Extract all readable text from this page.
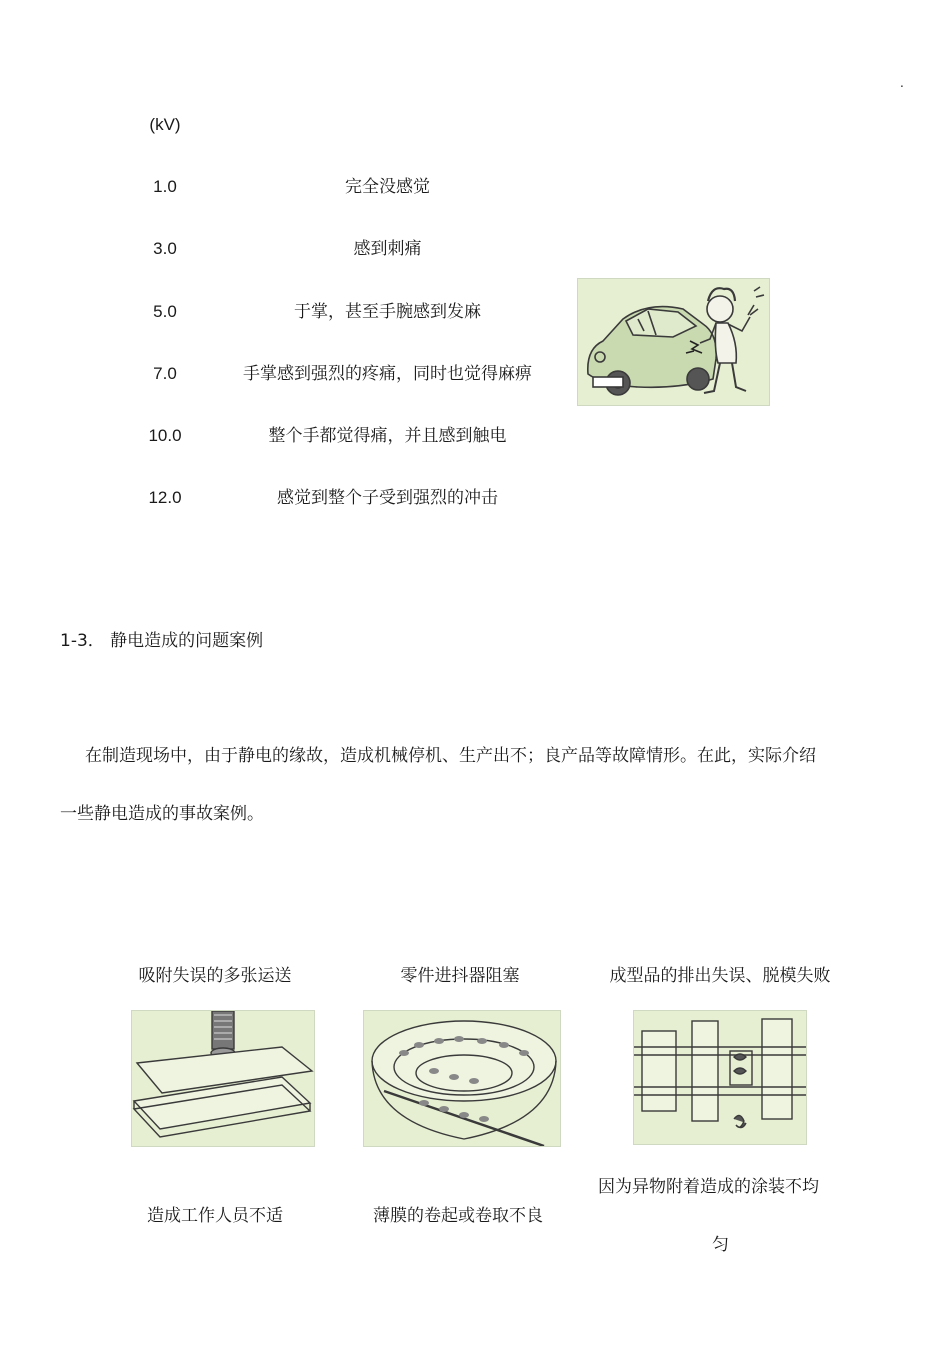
.
(kV)
1.0	完全没感觉
3.0	感到刺痛
5.0	于掌，甚至手腕感到发麻
7.0	手掌感到强烈的疼痛，同时也觉得麻痹
10.0	整个手都觉得痛，并且感到触电
12.0	感觉到整个子受到强烈的冲击
1-3． 静电造成的问题案例
在制造现场中，由于静电的缘故，造成机械停机、生产出不；良产品等故障情形。在此，实际介绍
一些静电造成的事故案例。
吸附失误的多张运送	零件进抖器阻塞	成型品的排出失误、脱模失败
造成工作人员不适	薄膜的卷起或卷取不良
因为异物附着造成的涂装不均
匀
